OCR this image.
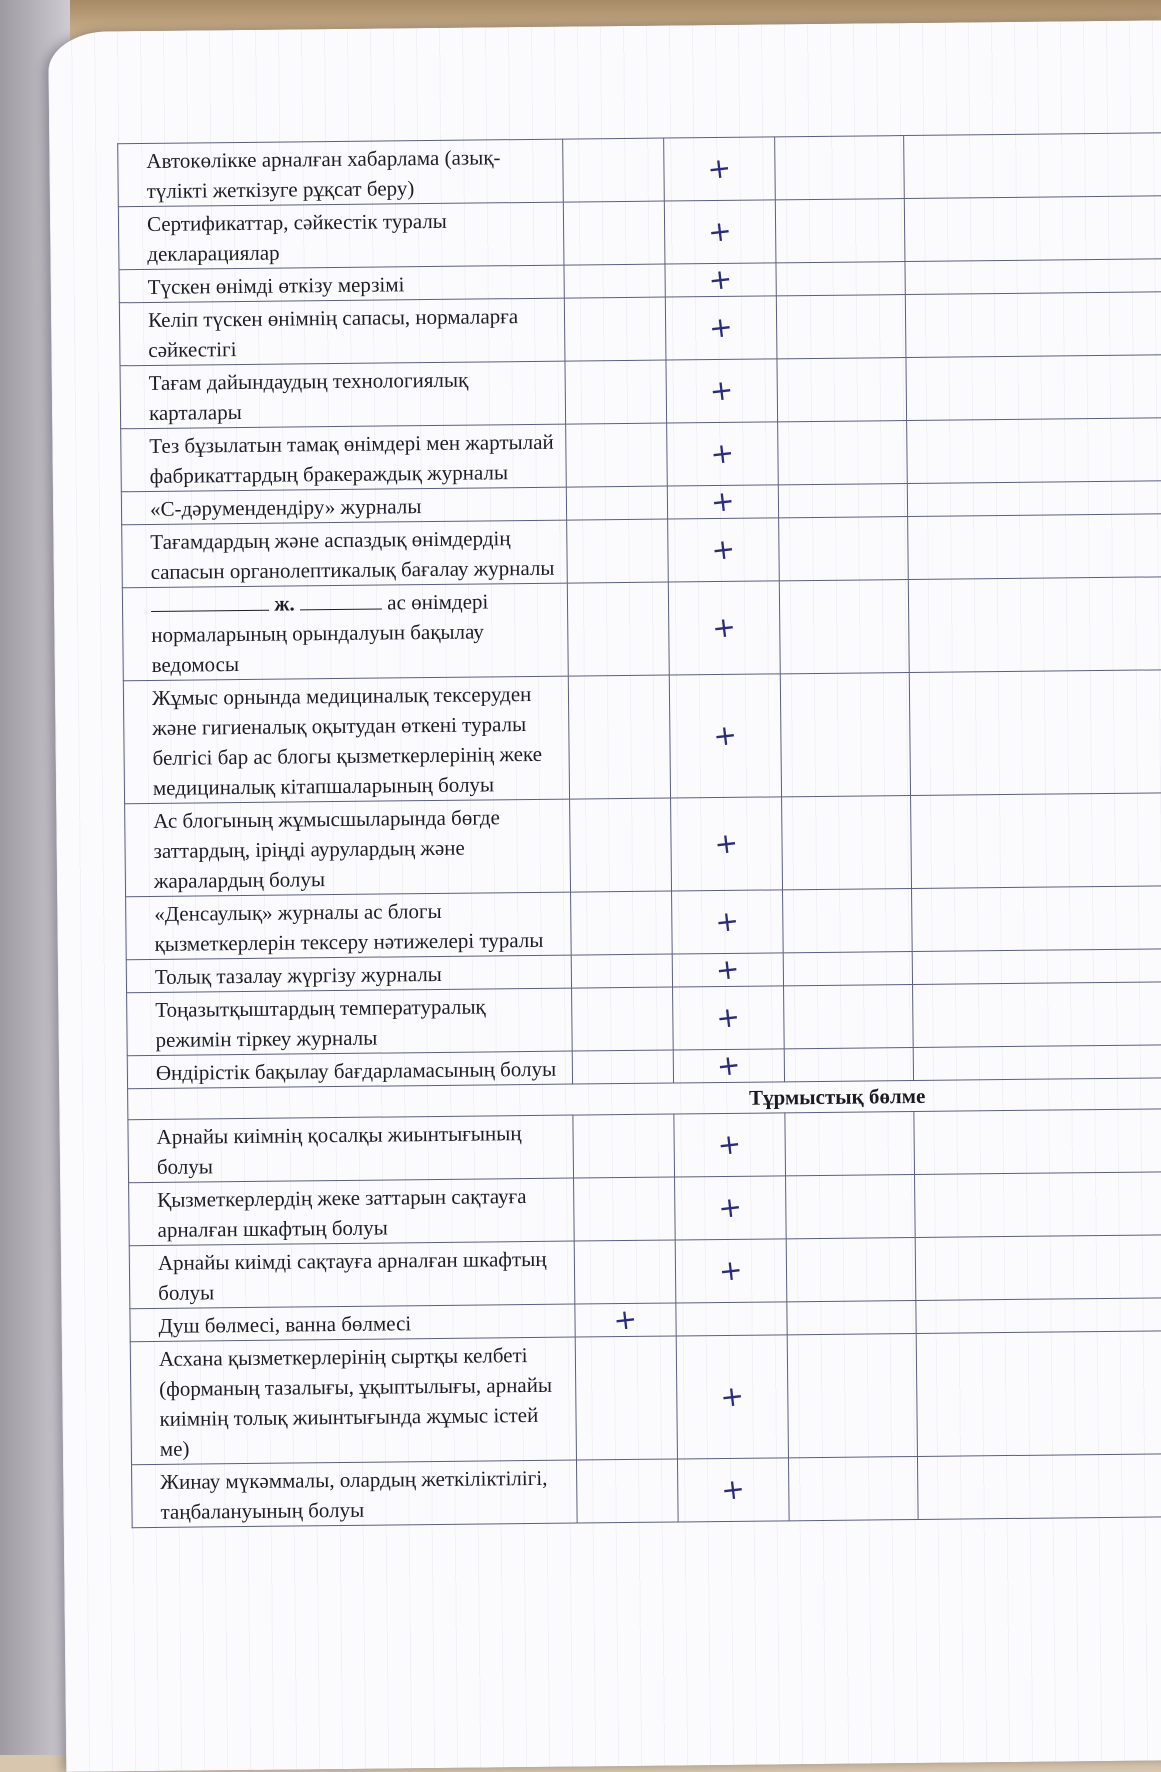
Автокөлікке арналған хабарлама (азық-түлікті жеткізуге рұқсат беру)		+		
Сертификаттар, сәйкестік туралы декларациялар		+		
Түскен өнімді өткізу мерзімі		+		
Келіп түскен өнімнің сапасы, нормаларға сәйкестігі		+		
Тағам дайындаудың технологиялық карталары		+		
Тез бұзылатын тамақ өнімдері мен жартылай фабрикаттардың бракераждық журналы		+		
«С-дәрумендендіру» журналы		+		
Тағамдардың және аспаздық өнімдердің сапасын органолептикалық бағалау журналы		+		
ж. ас өнімдері нормаларының орындалуын бақылау ведомосы		+		
Жұмыс орнында медициналық тексеруден және гигиеналық оқытудан өткені туралы белгісі бар ас блогы қызметкерлерінің жеке медициналық кітапшаларының болуы		+		
Ас блогының жұмысшыларында бөгде заттардың, іріңді аурулардың және жаралардың болуы		+		
«Денсаулық» журналы ас блогы қызметкерлерін тексеру нәтижелері туралы		+		
Толық тазалау жүргізу журналы		+		
Тоңазытқыштардың температуралық режимін тіркеу журналы		+		
Өндірістік бақылау бағдарламасының болуы		+		
Тұрмыстық бөлме				
Арнайы киімнің қосалқы жиынтығының болуы		+		
Қызметкерлердің жеке заттарын сақтауға арналған шкафтың болуы		+		
Арнайы киімді сақтауға арналған шкафтың болуы		+		
Душ бөлмесі, ванна бөлмесі	+			
Асхана қызметкерлерінің сыртқы келбеті (форманың тазалығы, ұқыптылығы, арнайы киімнің толық жиынтығында жұмыс істей ме)		+		
Жинау мүкәммалы, олардың жеткіліктілігі, таңбалануының болуы		+		
